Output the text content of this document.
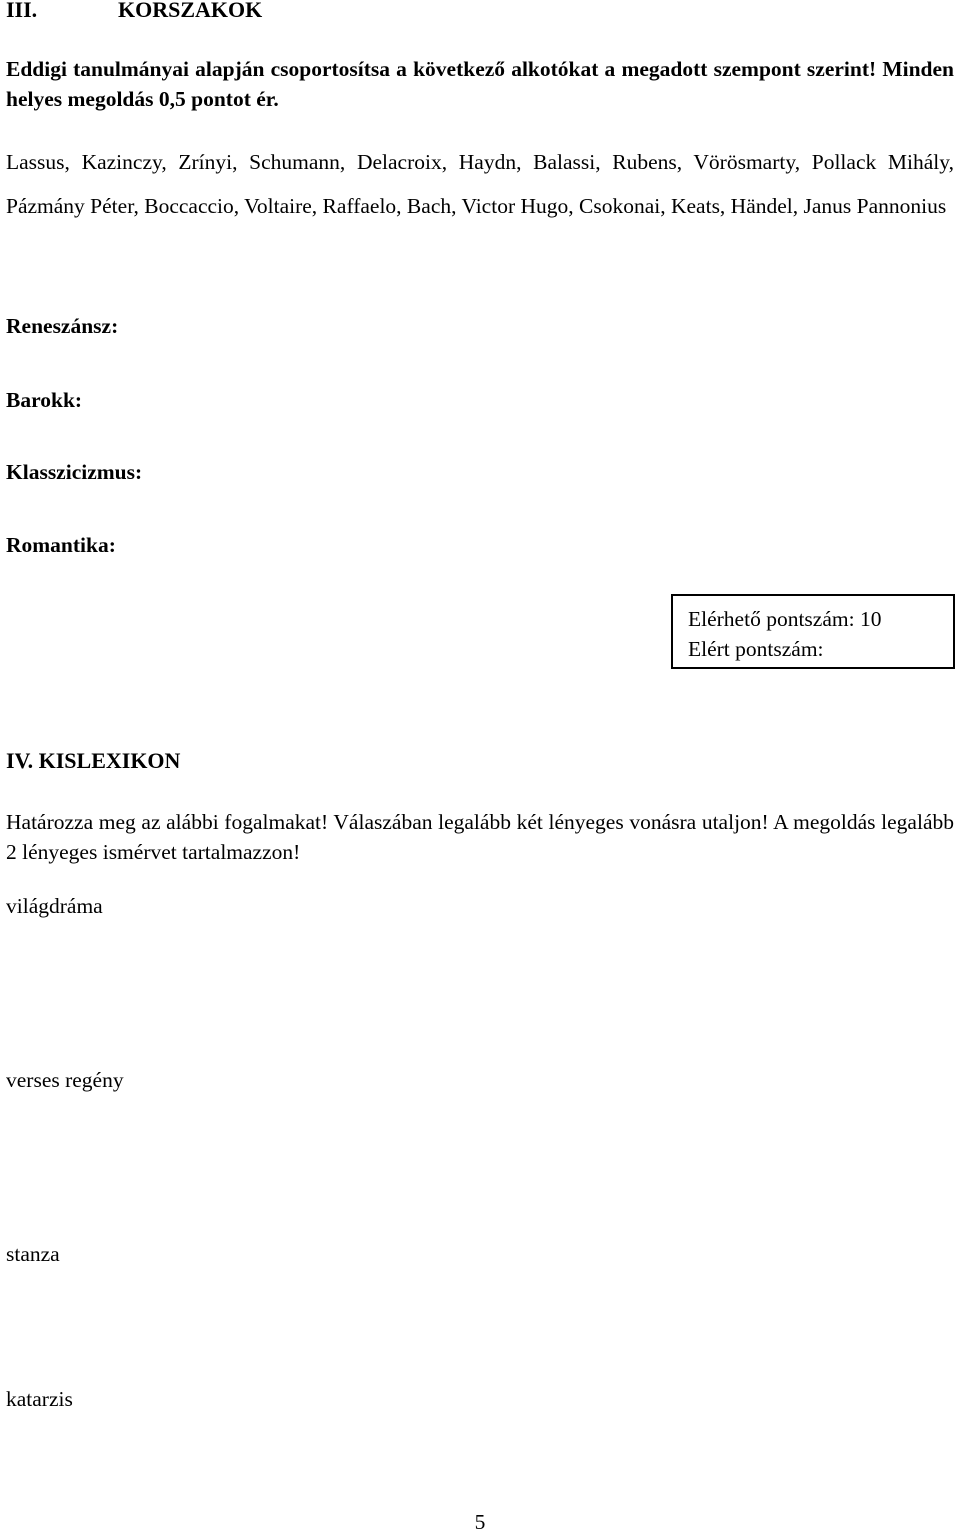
III.	KORSZAKOK
Eddigi tanulmányai alapján csoportosítsa a következő alkotókat a megadott szempont szerint! Minden helyes megoldás 0,5 pontot ér.
Lassus, Kazinczy, Zrínyi, Schumann, Delacroix, Haydn, Balassi, Rubens, Vörösmarty, Pollack Mihály, Pázmány Péter, Boccaccio, Voltaire, Raffaelo, Bach, Victor Hugo, Csokonai, Keats, Händel, Janus Pannonius
Reneszánsz:
Barokk:
Klasszicizmus:
Romantika:
Elérhető pontszám: 10
Elért pontszám:
IV. KISLEXIKON
Határozza meg az alábbi fogalmakat! Válaszában legalább két lényeges vonásra utaljon! A megoldás legalább 2 lényeges ismérvet tartalmazzon!
világdráma
verses regény
stanza
katarzis
5
